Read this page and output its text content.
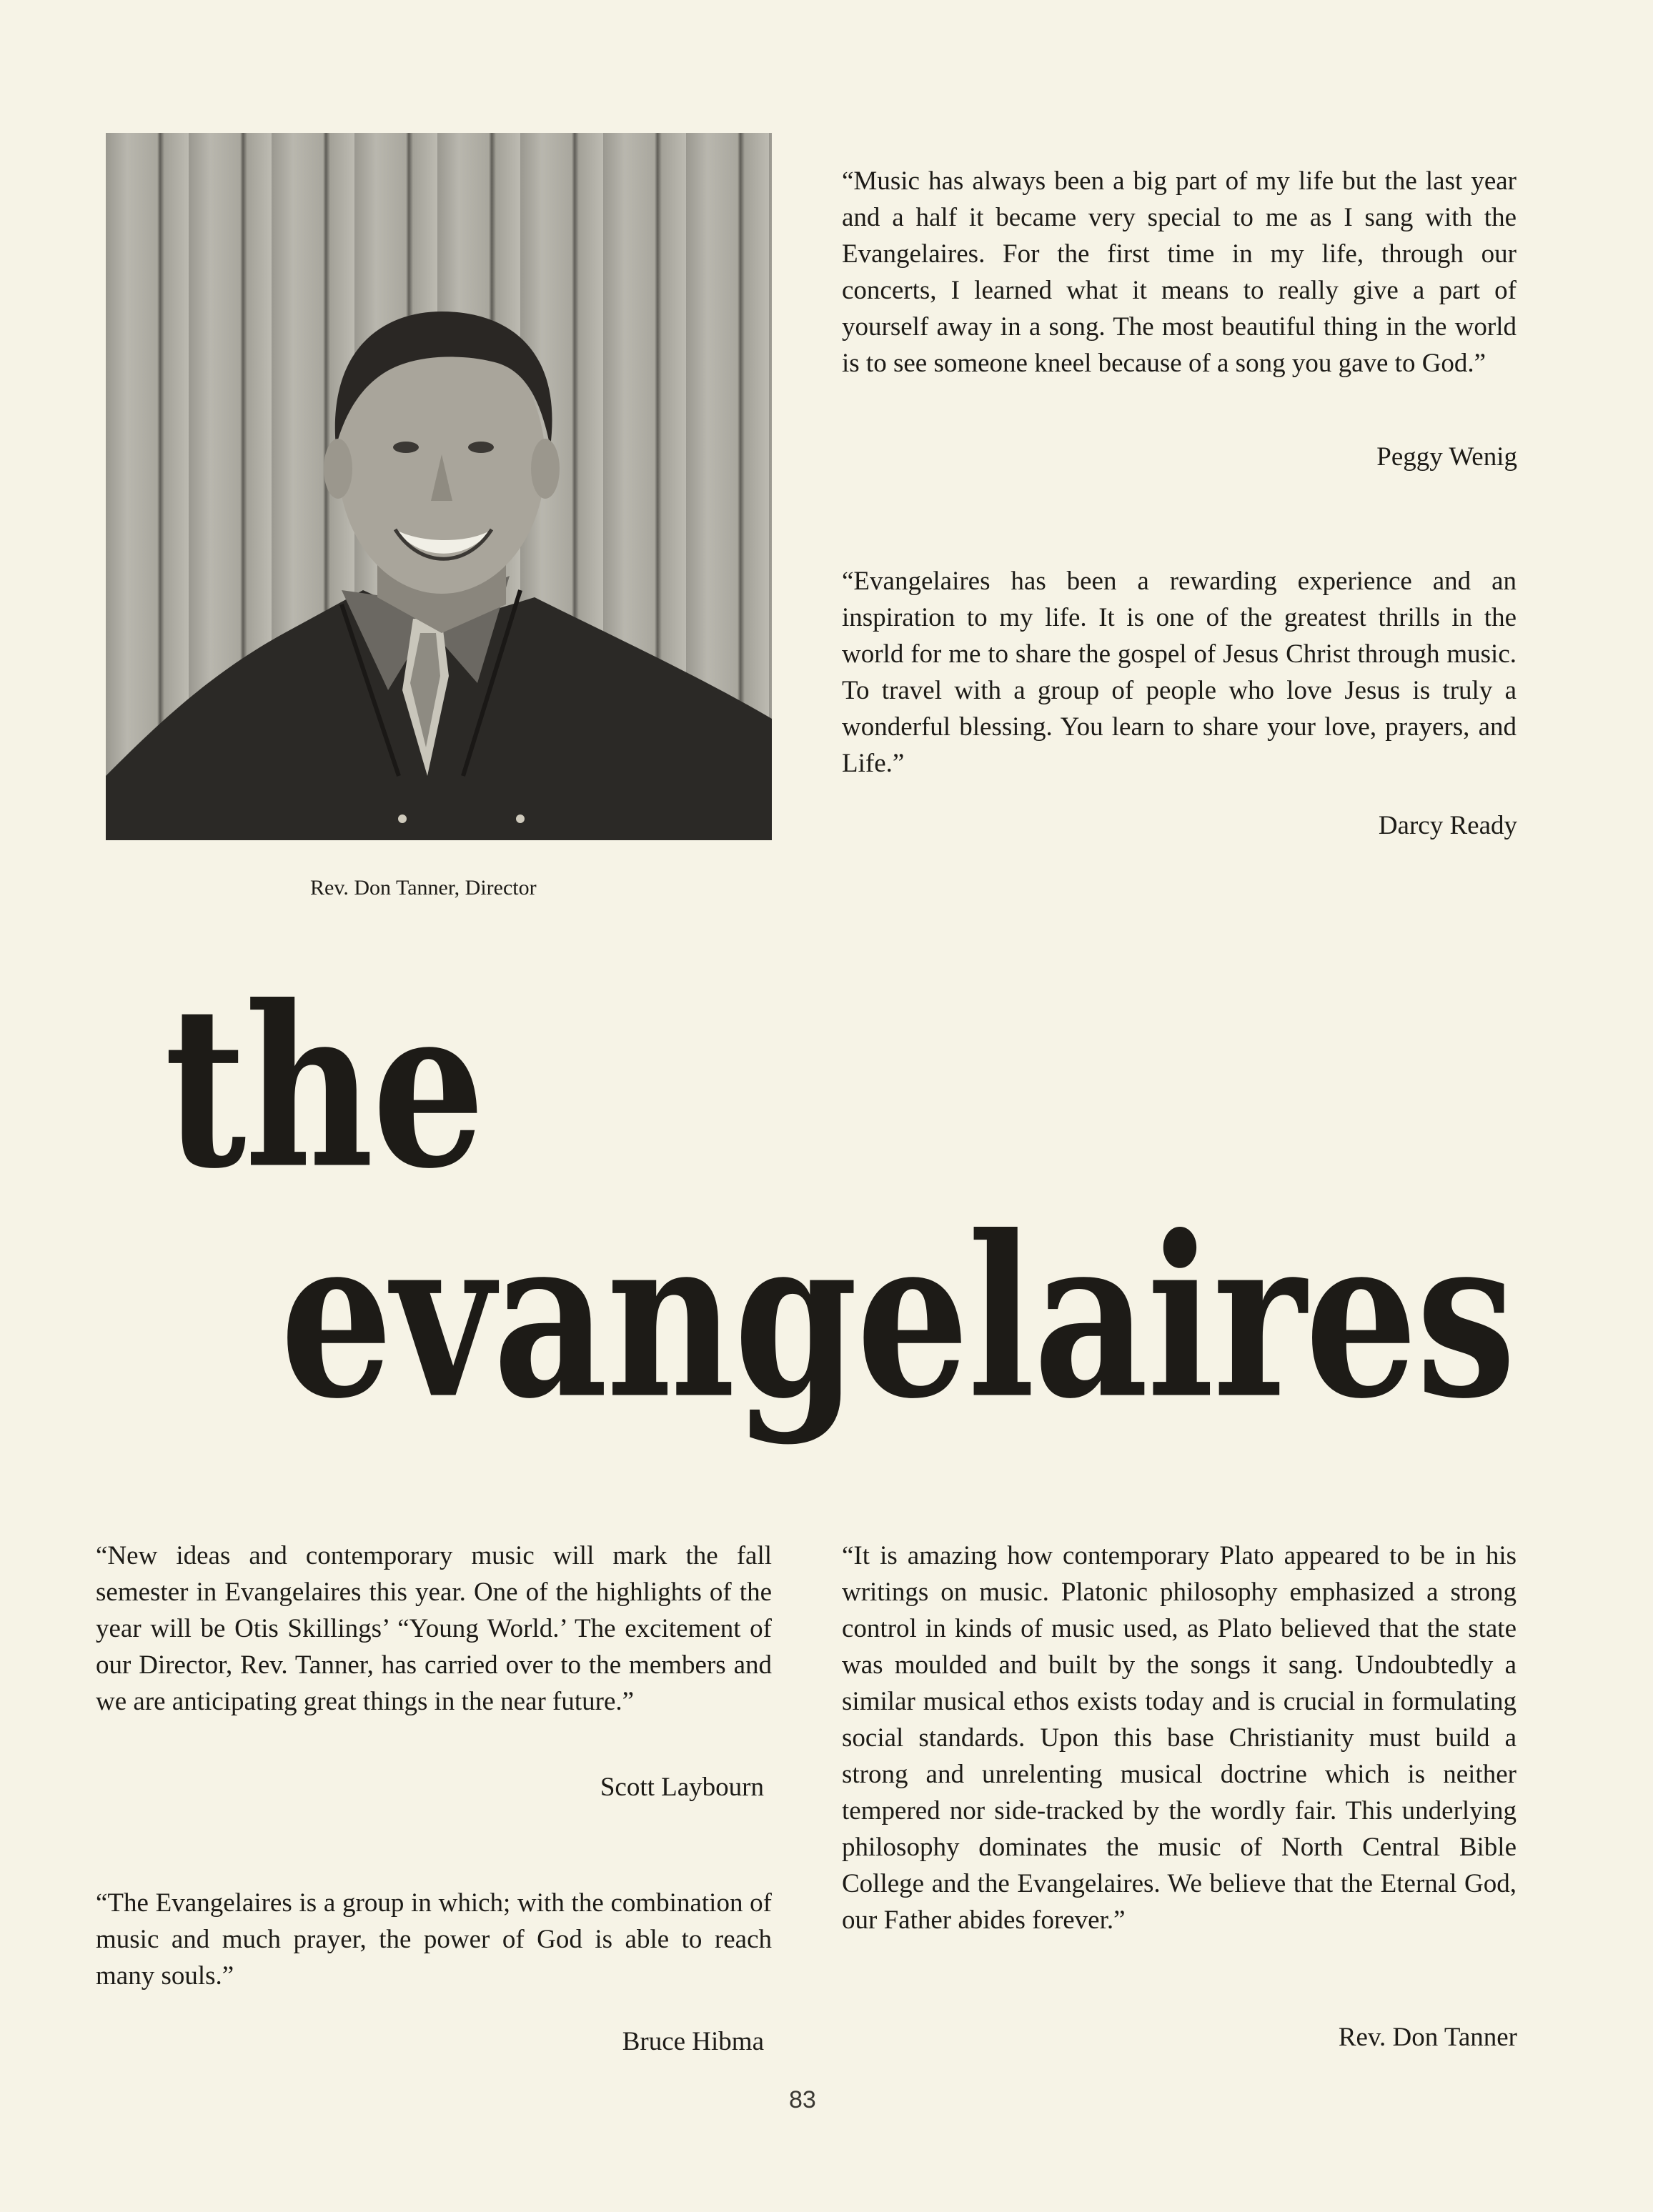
Rev. Don Tanner, Director

“Music has always been a big part of my life but the last year and a half it became very special to me as I sang with the Evangelaires. For the first time in my life, through our concerts, I learned what it means to really give a part of yourself away in a song. The most beautiful thing in the world is to see someone kneel because of a song you gave to God.”

Peggy Wenig

“Evangelaires has been a rewarding experience and an inspiration to my life. It is one of the greatest thrills in the world for me to share the gospel of Jesus Christ through music. To travel with a group of people who love Jesus is truly a wonderful blessing. You learn to share your love, prayers, and Life.”

Darcy Ready
the
evangelaires

“New ideas and contemporary music will mark the fall semester in Evangelaires this year. One of the highlights of the year will be Otis Skillings’ “Young World.’ The excitement of our Director, Rev. Tanner, has carried over to the members and we are anticipating great things in the near future.”

Scott Laybourn

“The Evangelaires is a group in which; with the combination of music and much prayer, the power of God is able to reach many souls.”

Bruce Hibma

“It is amazing how contemporary Plato appeared to be in his writings on music. Platonic philosophy emphasized a strong control in kinds of music used, as Plato believed that the state was moulded and built by the songs it sang. Undoubtedly a similar musical ethos exists today and is crucial in formulating social standards. Upon this base Christianity must build a strong and unrelenting musical doctrine which is neither tempered nor side-tracked by the wordly fair. This underlying philosophy dominates the music of North Central Bible College and the Evangelaires. We believe that the Eternal God, our Father abides forever.”

Rev. Don Tanner
83
